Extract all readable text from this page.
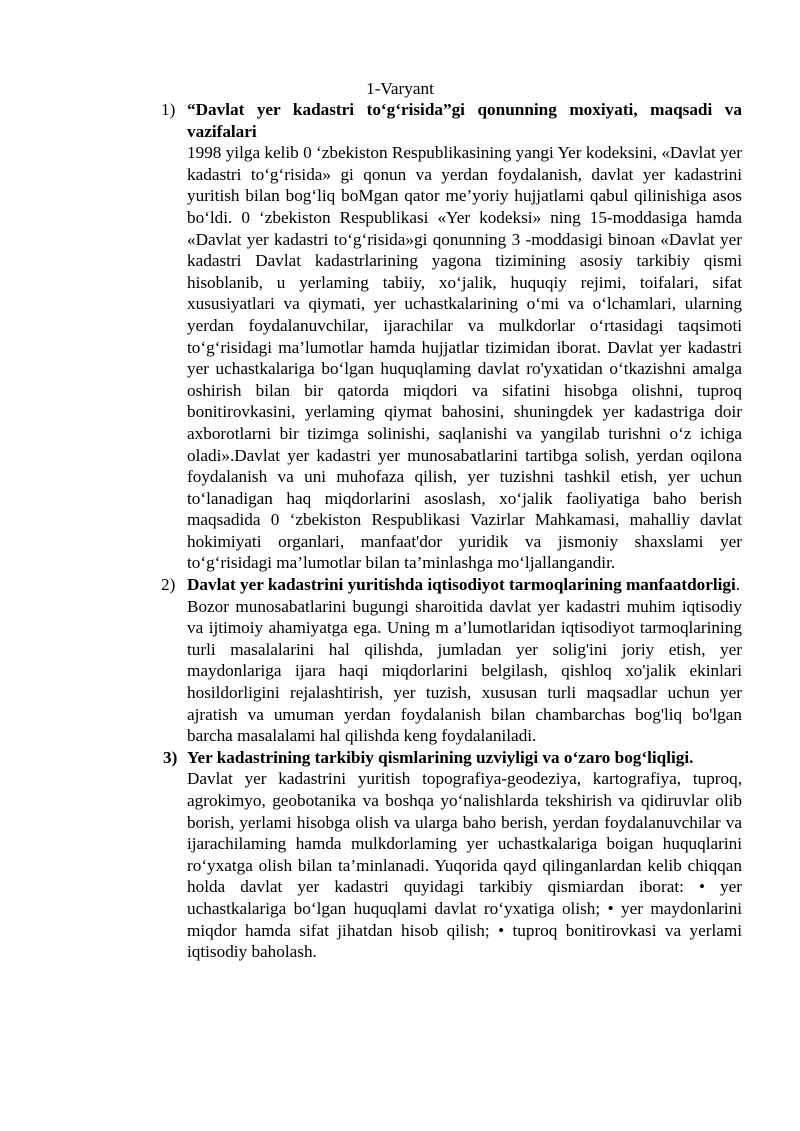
1-Varyant
1) “Davlat yer kadastri to‘g‘risida”gi qonunning moxiyati, maqsadi va vazifalari
1998 yilga kelib 0 ‘zbekiston Respublikasining yangi Yer kodeksini, «Davlat yer kadastri to‘g‘risida» gi qonun va yerdan foydalanish, davlat yer kadastrini yuritish bilan bog‘liq boMgan qator me’yoriy hujjatlami qabul qilinishiga asos bo‘ldi. 0 ‘zbekiston Respublikasi «Yer kodeksi» ning 15-moddasiga hamda «Davlat yer kadastri to‘g‘risida»gi qonunning 3 -moddasigi binoan «Davlat yer kadastri Davlat kadastrlarining yagona tizimining asosiy tarkibiy qismi hisoblanib, u yerlaming tabiiy, xo‘jalik, huquqiy rejimi, toifalari, sifat xususiyatlari va qiymati, yer uchastkalarining o‘mi va o‘lchamlari, ularning yerdan foydalanuvchilar, ijarachilar va mulkdorlar o‘rtasidagi taqsimoti to‘g‘risidagi ma’lumotlar hamda hujjatlar tizimidan iborat. Davlat yer kadastri yer uchastkalariga bo‘lgan huquqlaming davlat ro'yxatidan o‘tkazishni amalga oshirish bilan bir qatorda miqdori va sifatini hisobga olishni, tuproq bonitirovkasini, yerlaming qiymat bahosini, shuningdek yer kadastriga doir axborotlarni bir tizimga solinishi, saqlanishi va yangilab turishni o‘z ichiga oladi».Davlat yer kadastri yer munosabatlarini tartibga solish, yerdan oqilona foydalanish va uni muhofaza qilish, yer tuzishni tashkil etish, yer uchun to‘lanadigan haq miqdorlarini asoslash, xo‘jalik faoliyatiga baho berish maqsadida 0 ‘zbekiston Respublikasi Vazirlar Mahkamasi, mahalliy davlat hokimiyati organlari, manfaat'dor yuridik va jismoniy shaxslami yer to‘g‘risidagi ma’lumotlar bilan ta’minlashga mo‘ljallangandir.
2) Davlat yer kadastrini yuritishda iqtisodiyot tarmoqlarining manfaatdorligi.
Bozor munosabatlarini bugungi sharoitida davlat yer kadastri muhim iqtisodiy va ijtimoiy ahamiyatga ega. Uning m a’lumotlaridan iqtisodiyot tarmoqlarining turli masalalarini hal qilishda, jumladan yer solig'ini joriy etish, yer maydonlariga ijara haqi miqdorlarini belgilash, qishloq xo'jalik ekinlari hosildorligini rejalashtirish, yer tuzish, xususan turli maqsadlar uchun yer ajratish va umuman yerdan foydalanish bilan chambarchas bog'liq bo'lgan barcha masalalami hal qilishda keng foydalaniladi.
3) Yer kadastrining tarkibiy qismlarining uzviyligi va o‘zaro bog‘liqligi.
Davlat yer kadastrini yuritish topografiya-geodeziya, kartografiya, tuproq, agrokimyo, geobotanika va boshqa yo‘nalishlarda tekshirish va qidiruvlar olib borish, yerlami hisobga olish va ularga baho berish, yerdan foydalanuvchilar va ijarachilaming hamda mulkdorlaming yer uchastkalariga boigan huquqlarini ro‘yxatga olish bilan ta’minlanadi. Yuqorida qayd qilinganlardan kelib chiqqan holda davlat yer kadastri quyidagi tarkibiy qismiardan iborat: • yer uchastkalariga bo‘lgan huquqlami davlat ro‘yxatiga olish; • yer maydonlarini miqdor hamda sifat jihatdan hisob qilish; • tuproq bonitirovkasi va yerlami iqtisodiy baholash.
